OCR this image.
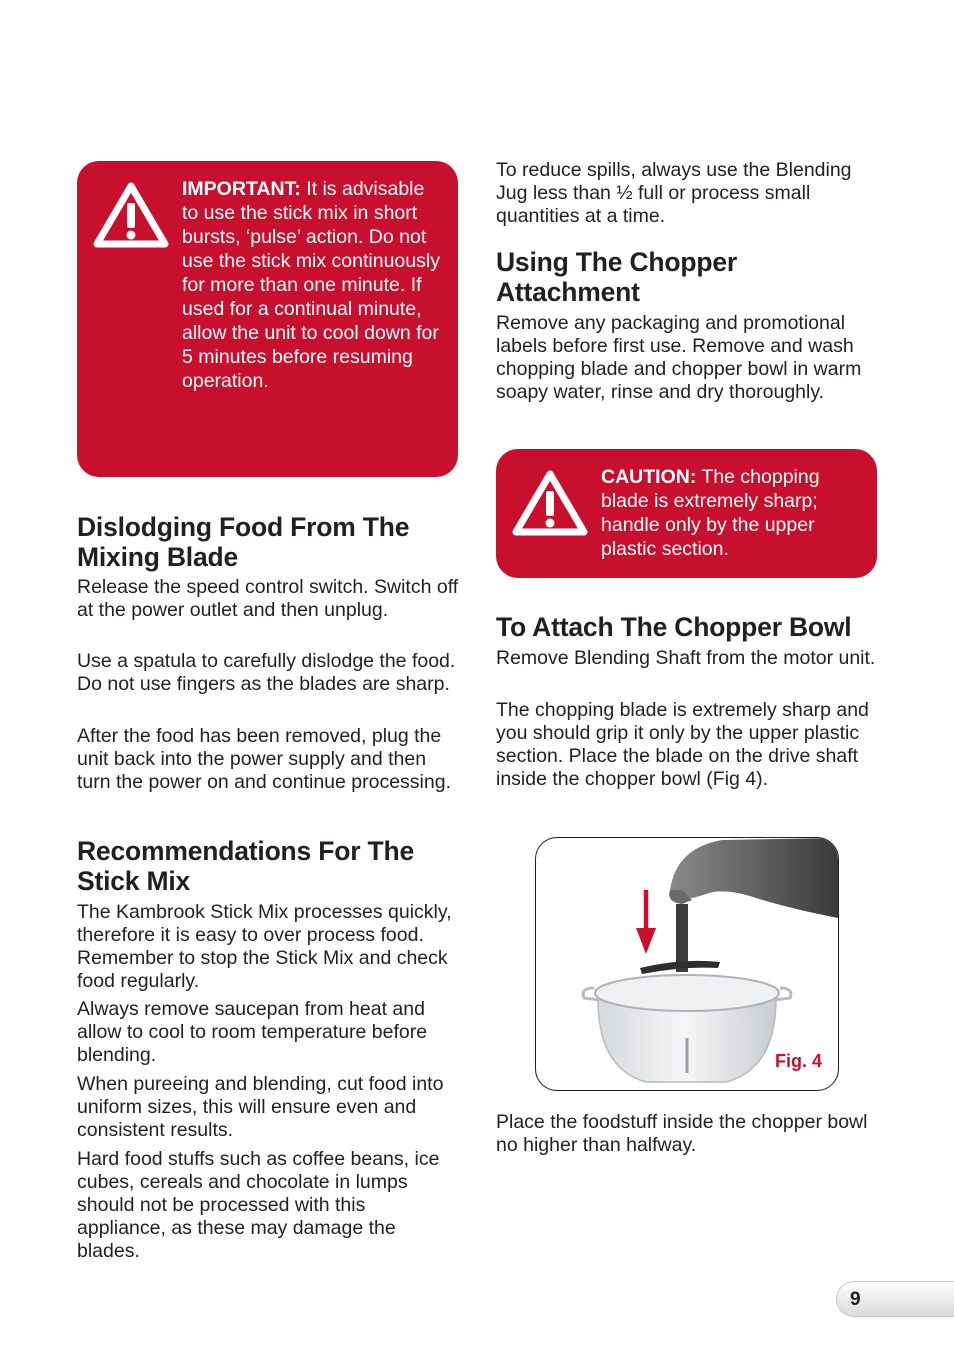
IMPORTANT: It is advisable to use the stick mix in short bursts, ‘pulse’ action. Do not use the stick mix continuously for more than one minute. If used for a continual minute, allow the unit to cool down for 5 minutes before resuming operation.
Dislodging Food From The Mixing Blade

Release the speed control switch. Switch off at the power outlet and then unplug.

Use a spatula to carefully dislodge the food. Do not use fingers as the blades are sharp.

After the food has been removed, plug the unit back into the power supply and then turn the power on and continue processing.

Recommendations For The Stick Mix

The Kambrook Stick Mix processes quickly, therefore it is easy to over process food. Remember to stop the Stick Mix and check food regularly.

Always remove saucepan from heat and allow to cool to room temperature before blending.

When pureeing and blending, cut food into uniform sizes, this will ensure even and consistent results.

Hard food stuffs such as coffee beans, ice cubes, cereals and chocolate in lumps should not be processed with this appliance, as these may damage the blades.

To reduce spills, always use the Blending Jug less than ½ full or process small quantities at a time.

Using The Chopper Attachment

Remove any packaging and promotional labels before first use. Remove and wash chopping blade and chopper bowl in warm soapy water, rinse and dry thoroughly.

CAUTION: The chopping blade is extremely sharp; handle only by the upper plastic section.
To Attach The Chopper Bowl

Remove Blending Shaft from the motor unit.

The chopping blade is extremely sharp and you should grip it only by the upper plastic section. Place the blade on the drive shaft inside the chopper bowl (Fig 4).

Fig. 4

Place the foodstuff inside the chopper bowl no higher than halfway.

9
